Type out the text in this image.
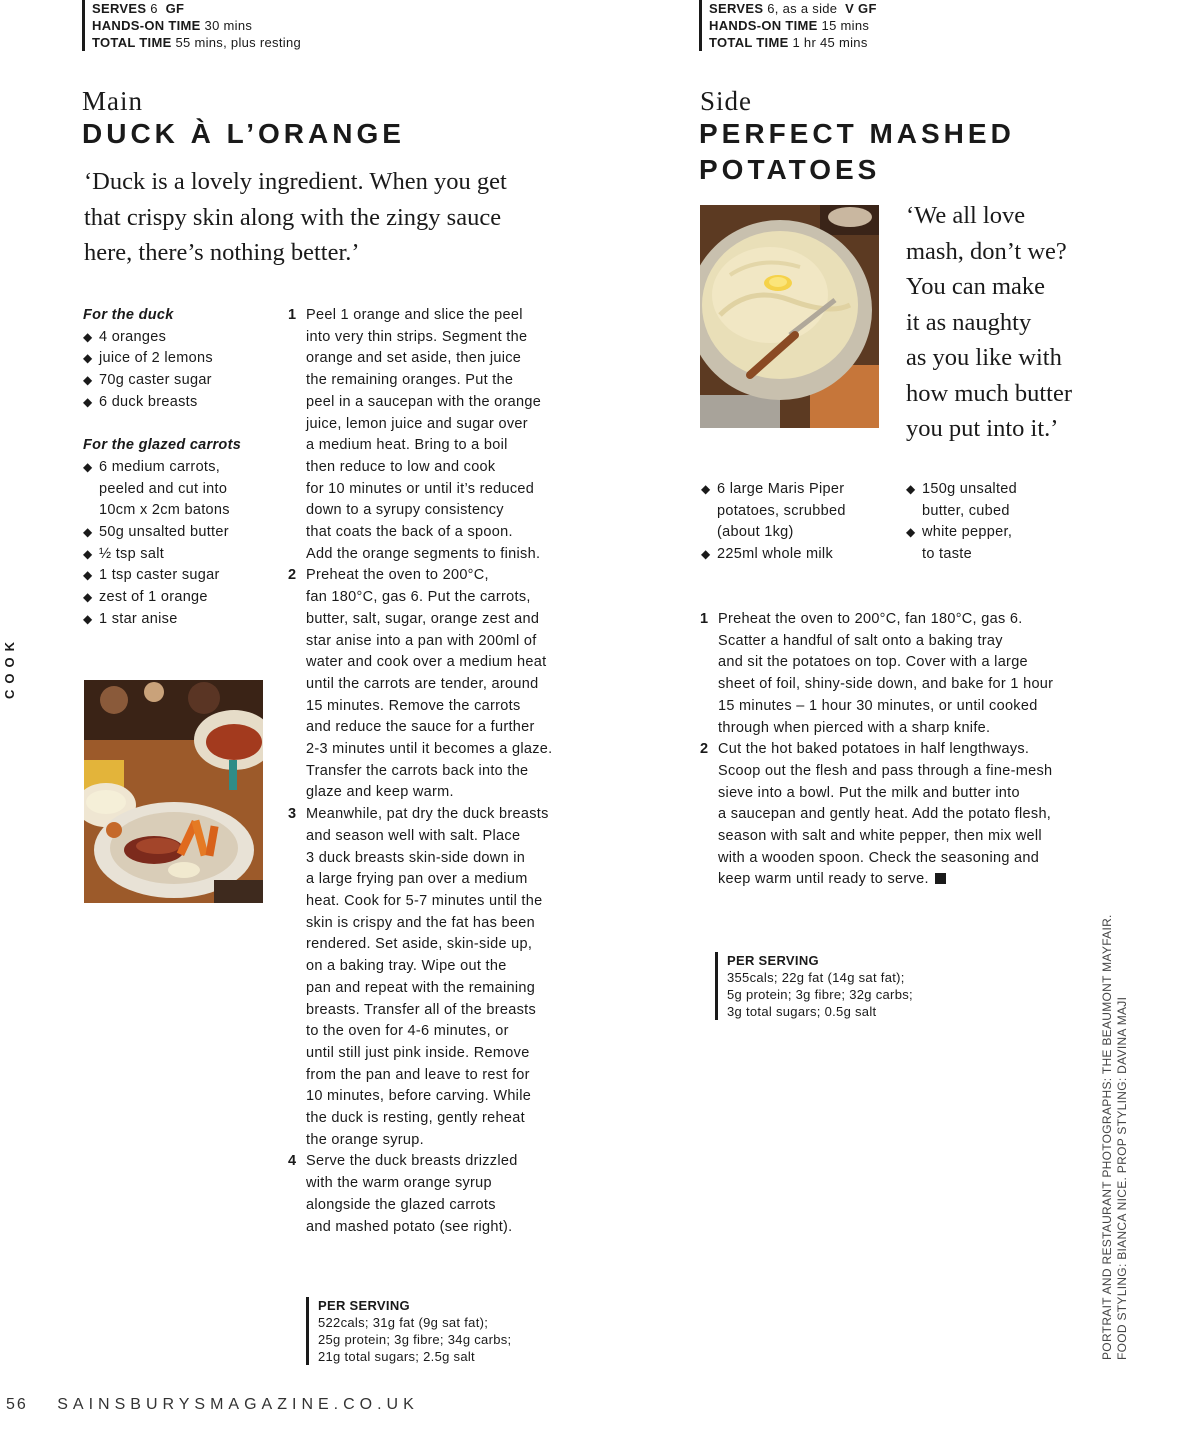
SERVES 6 GF
HANDS-ON TIME 30 mins
TOTAL TIME 55 mins, plus resting
SERVES 6, as a side V GF
HANDS-ON TIME 15 mins
TOTAL TIME 1 hr 45 mins
Main
DUCK À L’ORANGE
‘Duck is a lovely ingredient. When you get
that crispy skin along with the zingy sauce
here, there’s nothing better.’
For the duck
◆ 4 oranges
◆ juice of 2 lemons
◆ 70g caster sugar
◆ 6 duck breasts
For the glazed carrots
◆ 6 medium carrots,
peeled and cut into
10cm x 2cm batons
◆ 50g unsalted butter
◆ ½ tsp salt
◆ 1 tsp caster sugar
◆ zest of 1 orange
◆ 1 star anise
COOK
1 Peel 1 orange and slice the peel
into very thin strips. Segment the
orange and set aside, then juice
the remaining oranges. Put the
peel in a saucepan with the orange
juice, lemon juice and sugar over
a medium heat. Bring to a boil
then reduce to low and cook
for 10 minutes or until it’s reduced
down to a syrupy consistency
that coats the back of a spoon.
Add the orange segments to finish.
2 Preheat the oven to 200°C,
fan 180°C, gas 6. Put the carrots,
butter, salt, sugar, orange zest and
star anise into a pan with 200ml of
water and cook over a medium heat
until the carrots are tender, around
15 minutes. Remove the carrots
and reduce the sauce for a further
2-3 minutes until it becomes a glaze.
Transfer the carrots back into the
glaze and keep warm.
3 Meanwhile, pat dry the duck breasts
and season well with salt. Place
3 duck breasts skin-side down in
a large frying pan over a medium
heat. Cook for 5-7 minutes until the
skin is crispy and the fat has been
rendered. Set aside, skin-side up,
on a baking tray. Wipe out the
pan and repeat with the remaining
breasts. Transfer all of the breasts
to the oven for 4-6 minutes, or
until still just pink inside. Remove
from the pan and leave to rest for
10 minutes, before carving. While
the duck is resting, gently reheat
the orange syrup.
4 Serve the duck breasts drizzled
with the warm orange syrup
alongside the glazed carrots
and mashed potato (see right).
PER SERVING
522cals; 31g fat (9g sat fat);
25g protein; 3g fibre; 34g carbs;
21g total sugars; 2.5g salt
Side
PERFECT MASHED
POTATOES
‘We all love
mash, don’t we?
You can make
it as naughty
as you like with
how much butter
you put into it.’
◆ 6 large Maris Piper
potatoes, scrubbed
(about 1kg)
◆ 225ml whole milk
◆ 150g unsalted
butter, cubed
◆ white pepper,
to taste
1 Preheat the oven to 200°C, fan 180°C, gas 6.
Scatter a handful of salt onto a baking tray
and sit the potatoes on top. Cover with a large
sheet of foil, shiny-side down, and bake for 1 hour
15 minutes – 1 hour 30 minutes, or until cooked
through when pierced with a sharp knife.
2 Cut the hot baked potatoes in half lengthways.
Scoop out the flesh and pass through a fine-mesh
sieve into a bowl. Put the milk and butter into
a saucepan and gently heat. Add the potato flesh,
season with salt and white pepper, then mix well
with a wooden spoon. Check the seasoning and
keep warm until ready to serve.
PER SERVING
355cals; 22g fat (14g sat fat);
5g protein; 3g fibre; 32g carbs;
3g total sugars; 0.5g salt	PORTRAIT AND RESTAURANT PHOTOGRAPHS: THE BEAUMONT MAYFAIR. FOOD STYLING: BIANCA NICE. PROP STYLING: DAVINA MAJI
56 SAINSBURYSMAGAZINE.CO.UK
